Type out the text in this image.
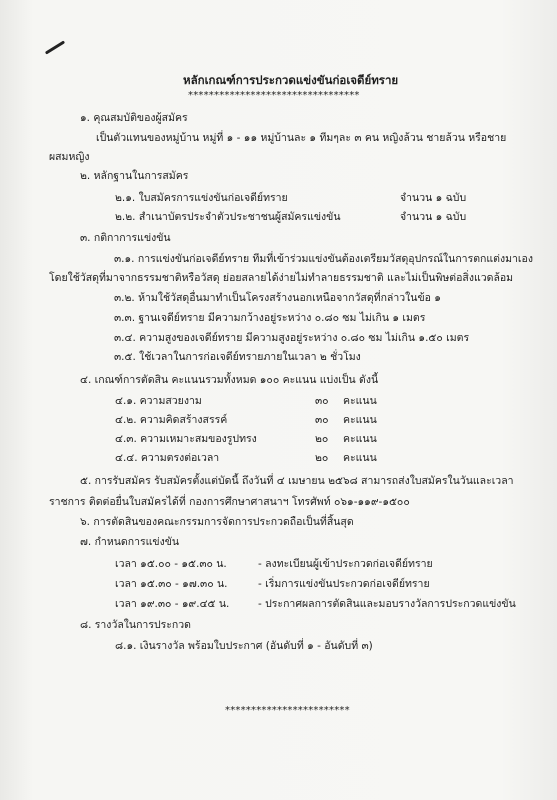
หลักเกณฑ์การประกวดแข่งขันก่อเจดีย์ทราย
*********************************
๑. คุณสมบัติของผู้สมัคร
เป็นตัวแทนของหมู่บ้าน หมู่ที่ ๑ - ๑๑ หมู่บ้านละ ๑ ทีมๆละ ๓ คน หญิงล้วน ชายล้วน หรือชาย
ผสมหญิง
๒. หลักฐานในการสมัคร
๒.๑. ใบสมัครการแข่งขันก่อเจดีย์ทราย	จำนวน ๑ ฉบับ
๒.๒. สำเนาบัตรประจำตัวประชาชนผู้สมัครแข่งขัน	จำนวน ๑ ฉบับ
๓. กติกาการแข่งขัน
๓.๑. การแข่งขันก่อเจดีย์ทราย ทีมที่เข้าร่วมแข่งขันต้องเตรียมวัสดุอุปกรณ์ในการตกแต่งมาเอง
โดยใช้วัสดุที่มาจากธรรมชาติหรือวัสดุ ย่อยสลายได้ง่ายไม่ทำลายธรรมชาติ และไม่เป็นพิษต่อสิ่งแวดล้อม
๓.๒. ห้ามใช้วัสดุอื่นมาทำเป็นโครงสร้างนอกเหนือจากวัสดุที่กล่าวในข้อ ๑
๓.๓. ฐานเจดีย์ทราย มีความกว้างอยู่ระหว่าง ๐.๘๐ ซม ไม่เกิน ๑ เมตร
๓.๔. ความสูงของเจดีย์ทราย มีความสูงอยู่ระหว่าง ๐.๘๐ ซม ไม่เกิน ๑.๕๐ เมตร
๓.๕. ใช้เวลาในการก่อเจดีย์ทรายภายในเวลา ๒ ชั่วโมง
๔. เกณฑ์การตัดสิน คะแนนรวมทั้งหมด ๑๐๐ คะแนน แบ่งเป็น ดังนี้
๔.๑. ความสวยงาม	๓๐ คะแนน
๔.๒. ความคิดสร้างสรรค์	๓๐ คะแนน
๔.๓. ความเหมาะสมของรูปทรง	๒๐ คะแนน
๔.๔. ความตรงต่อเวลา	๒๐ คะแนน
๕. การรับสมัคร รับสมัครตั้งแต่บัดนี้ ถึงวันที่ ๔ เมษายน ๒๕๖๘ สามารถส่งใบสมัครในวันและเวลา
ราชการ ติดต่อยื่นใบสมัครได้ที่ กองการศึกษาศาสนาฯ โทรศัพท์ ๐๖๑-๑๑๙-๑๕๐๐
๖. การตัดสินของคณะกรรมการจัดการประกวดถือเป็นที่สิ้นสุด
๗. กำหนดการแข่งขัน
เวลา ๑๕.๐๐ - ๑๕.๓๐ น.	- ลงทะเบียนผู้เข้าประกวดก่อเจดีย์ทราย
เวลา ๑๕.๓๐ - ๑๗.๓๐ น.	- เริ่มการแข่งขันประกวดก่อเจดีย์ทราย
เวลา ๑๙.๓๐ - ๑๙.๔๕ น.	- ประกาศผลการตัดสินและมอบรางวัลการประกวดแข่งขัน
๘. รางวัลในการประกวด
๘.๑. เงินรางวัล พร้อมใบประกาศ (อันดับที่ ๑ - อันดับที่ ๓)
************************
